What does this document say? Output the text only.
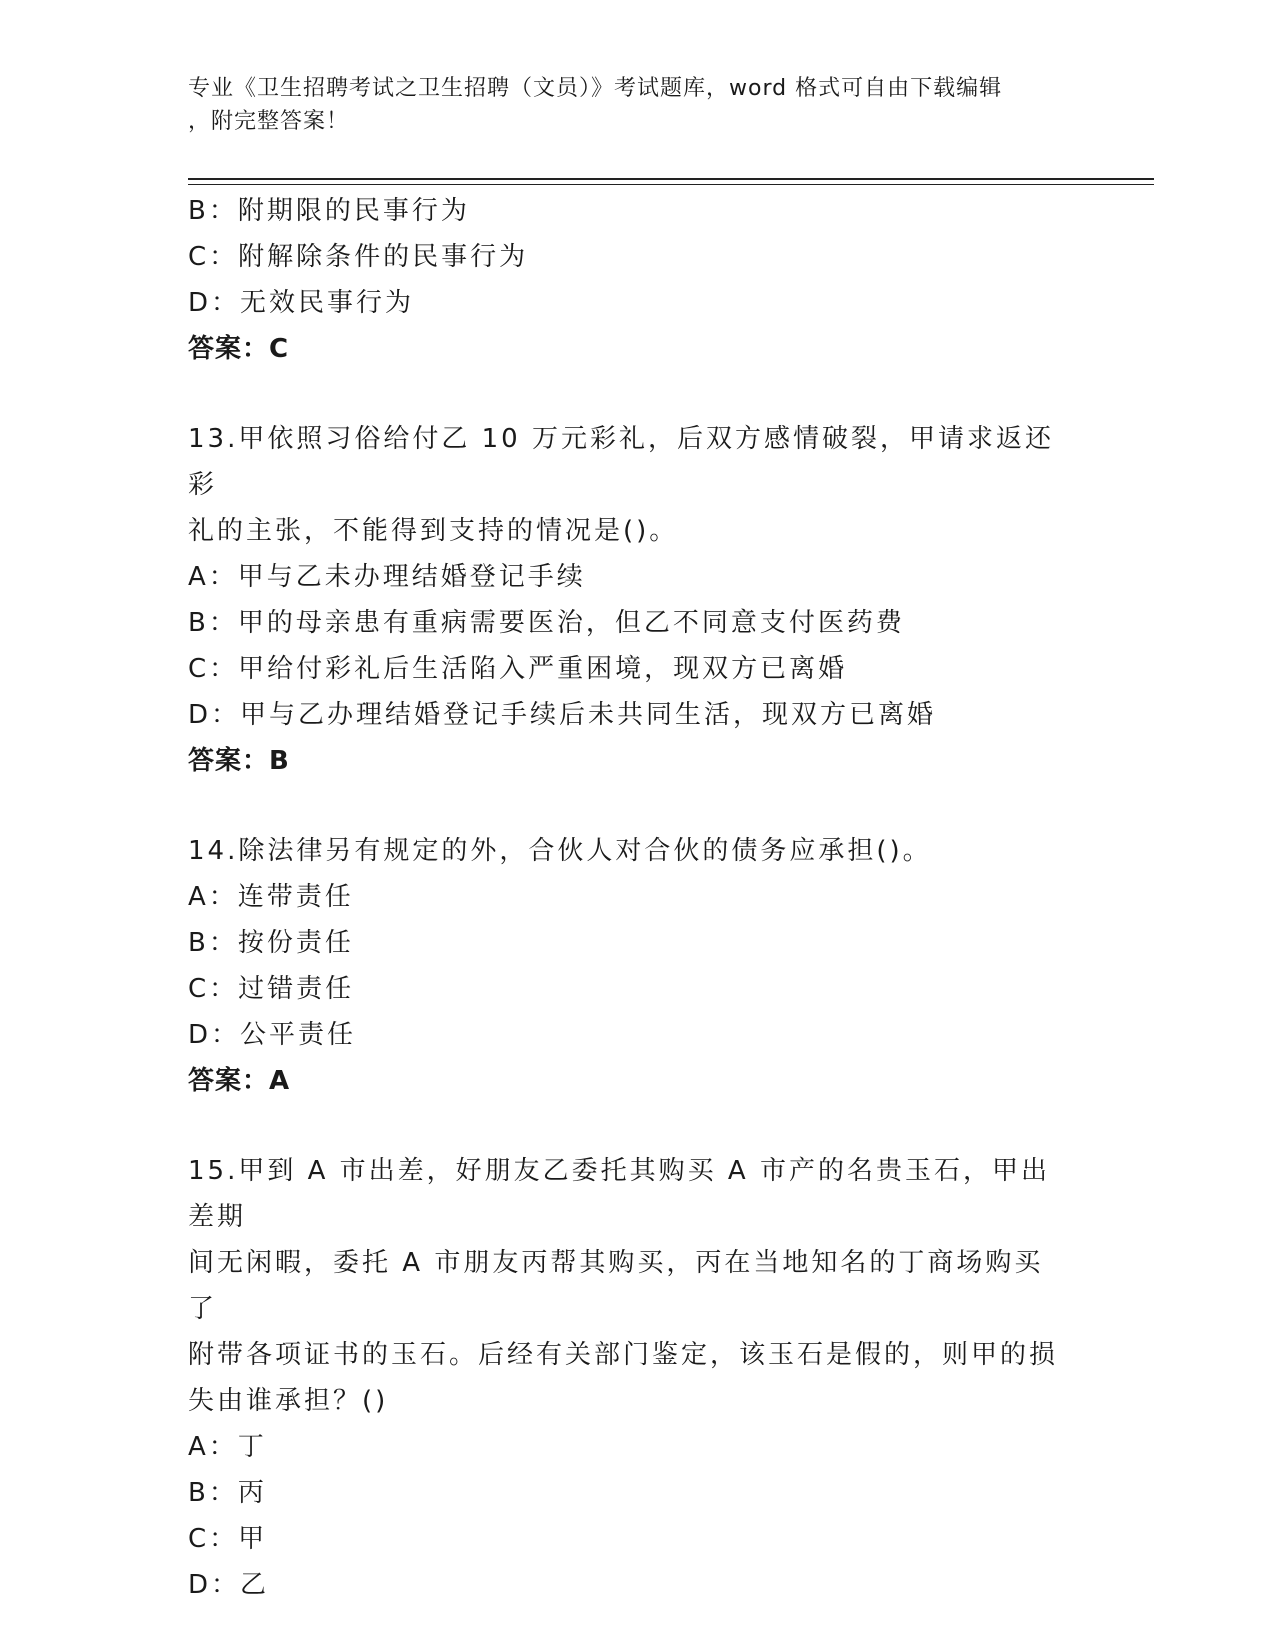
专业《卫生招聘考试之卫生招聘（文员）》考试题库，word 格式可自由下载编辑
，附完整答案！
B：附期限的民事行为
C：附解除条件的民事行为
D：无效民事行为
答案：C
13.甲依照习俗给付乙 10 万元彩礼，后双方感情破裂，甲请求返还彩
礼的主张，不能得到支持的情况是()。
A：甲与乙未办理结婚登记手续
B：甲的母亲患有重病需要医治，但乙不同意支付医药费
C：甲给付彩礼后生活陷入严重困境，现双方已离婚
D：甲与乙办理结婚登记手续后未共同生活，现双方已离婚
答案：B
14.除法律另有规定的外，合伙人对合伙的债务应承担()。
A：连带责任
B：按份责任
C：过错责任
D：公平责任
答案：A
15.甲到 A 市出差，好朋友乙委托其购买 A 市产的名贵玉石，甲出差期
间无闲暇，委托 A 市朋友丙帮其购买，丙在当地知名的丁商场购买了
附带各项证书的玉石。后经有关部门鉴定，该玉石是假的，则甲的损
失由谁承担？()
A：丁
B：丙
C：甲
D：乙
